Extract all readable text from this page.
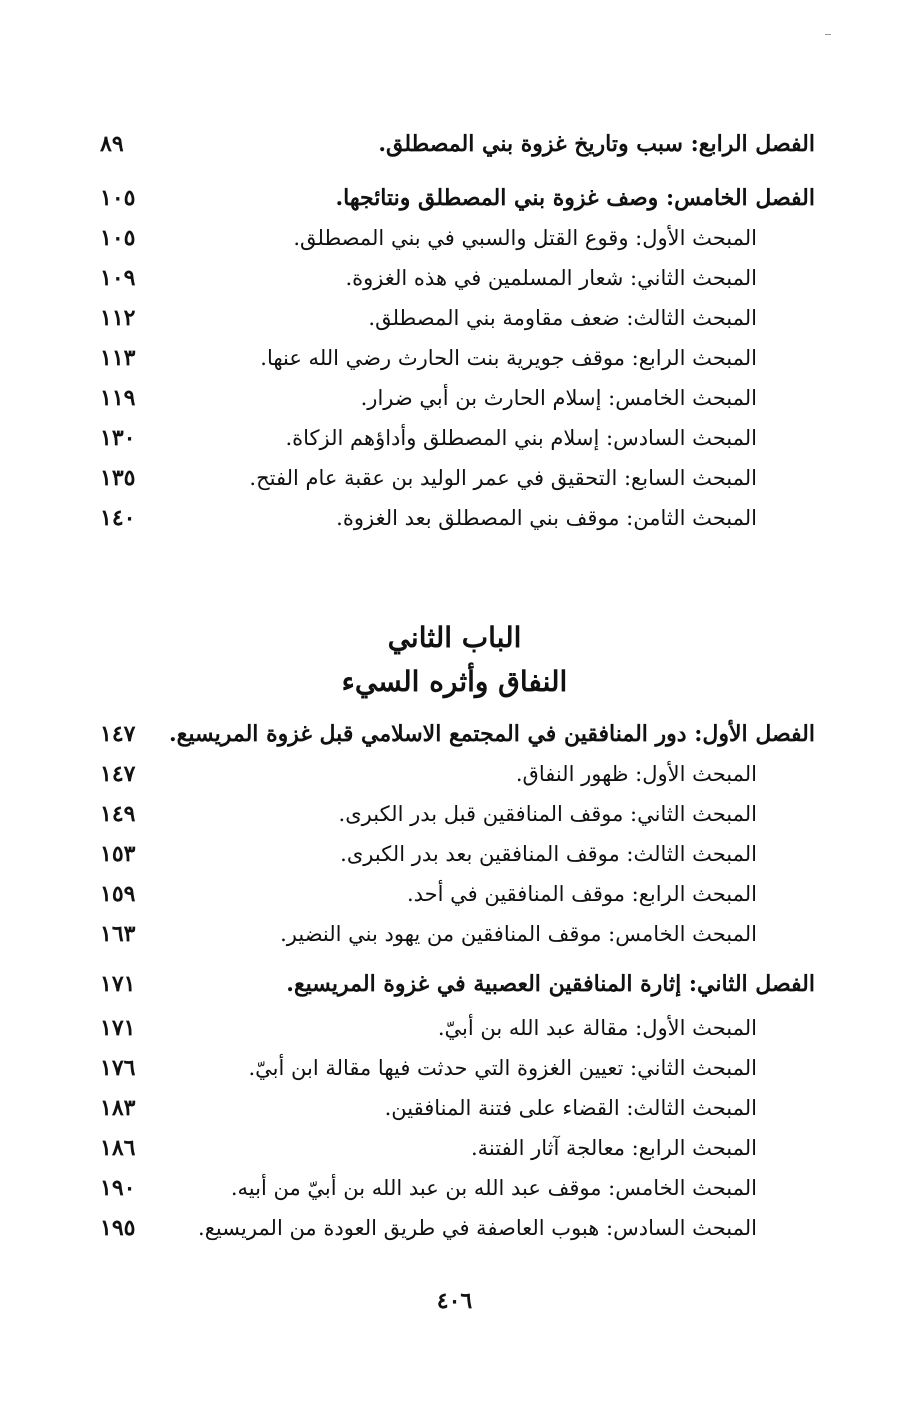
الفصل الرابع: سبب وتاريخ غزوة بني المصطلق.
٨٩
الفصل الخامس: وصف غزوة بني المصطلق ونتائجها.
١٠٥
المبحث الأول: وقوع القتل والسبي في بني المصطلق.
١٠٥
المبحث الثاني: شعار المسلمين في هذه الغزوة.
١٠٩
المبحث الثالث: ضعف مقاومة بني المصطلق.
١١٢
المبحث الرابع: موقف جويرية بنت الحارث رضي الله عنها.
١١٣
المبحث الخامس: إسلام الحارث بن أبي ضرار.
١١٩
المبحث السادس: إسلام بني المصطلق وأداؤهم الزكاة.
١٣٠
المبحث السابع: التحقيق في عمر الوليد بن عقبة عام الفتح.
١٣٥
المبحث الثامن: موقف بني المصطلق بعد الغزوة.
١٤٠
الباب الثاني
النفاق وأثره السيء
الفصل الأول: دور المنافقين في المجتمع الاسلامي قبل غزوة المريسيع.
١٤٧
المبحث الأول: ظهور النفاق.
١٤٧
المبحث الثاني: موقف المنافقين قبل بدر الكبرى.
١٤٩
المبحث الثالث: موقف المنافقين بعد بدر الكبرى.
١٥٣
المبحث الرابع: موقف المنافقين في أحد.
١٥٩
المبحث الخامس: موقف المنافقين من يهود بني النضير.
١٦٣
الفصل الثاني: إثارة المنافقين العصبية في غزوة المريسيع.
١٧١
المبحث الأول: مقالة عبد الله بن أبيّ.
١٧١
المبحث الثاني: تعيين الغزوة التي حدثت فيها مقالة ابن أبيّ.
١٧٦
المبحث الثالث: القضاء على فتنة المنافقين.
١٨٣
المبحث الرابع: معالجة آثار الفتنة.
١٨٦
المبحث الخامس: موقف عبد الله بن عبد الله بن أبيّ من أبيه.
١٩٠
المبحث السادس: هبوب العاصفة في طريق العودة من المريسيع.
١٩٥
٤٠٦
